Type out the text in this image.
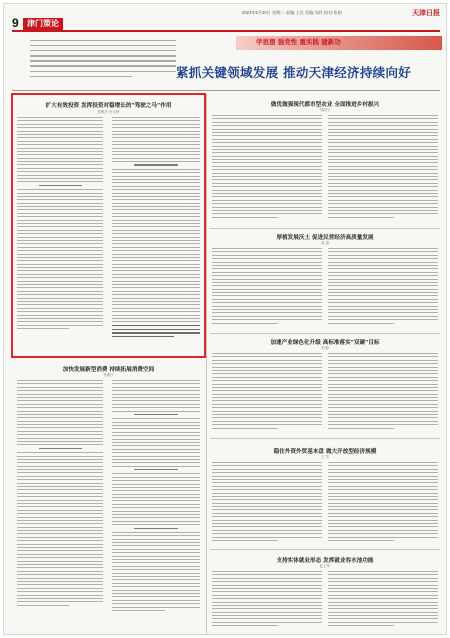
2023年5月30日 星期二 责编:王佳 美编:刘玲 校对:张娟	天津日报
9	津门策论
学思想 强党性 重实践 建新功
紧抓关键领域发展 推动天津经济持续向好
扩大有效投资 发挥投资对稳增长的“驾驶之马”作用
蔡俊杰 叶文婷
加快发展新型消费 持续拓展消费空间
李德江
做优做强现代都市型农业 全面推进乡村振兴
刘国义
厚植发展沃土 促进民营经济高质量发展
周 超
加速产业绿色化升级 高标准落实“双碳”目标
刘 静
稳住外资外贸基本盘 做大开放型经济规模
王 雪
支持实体就业形态 发挥就业容水池功能
赵卫华
